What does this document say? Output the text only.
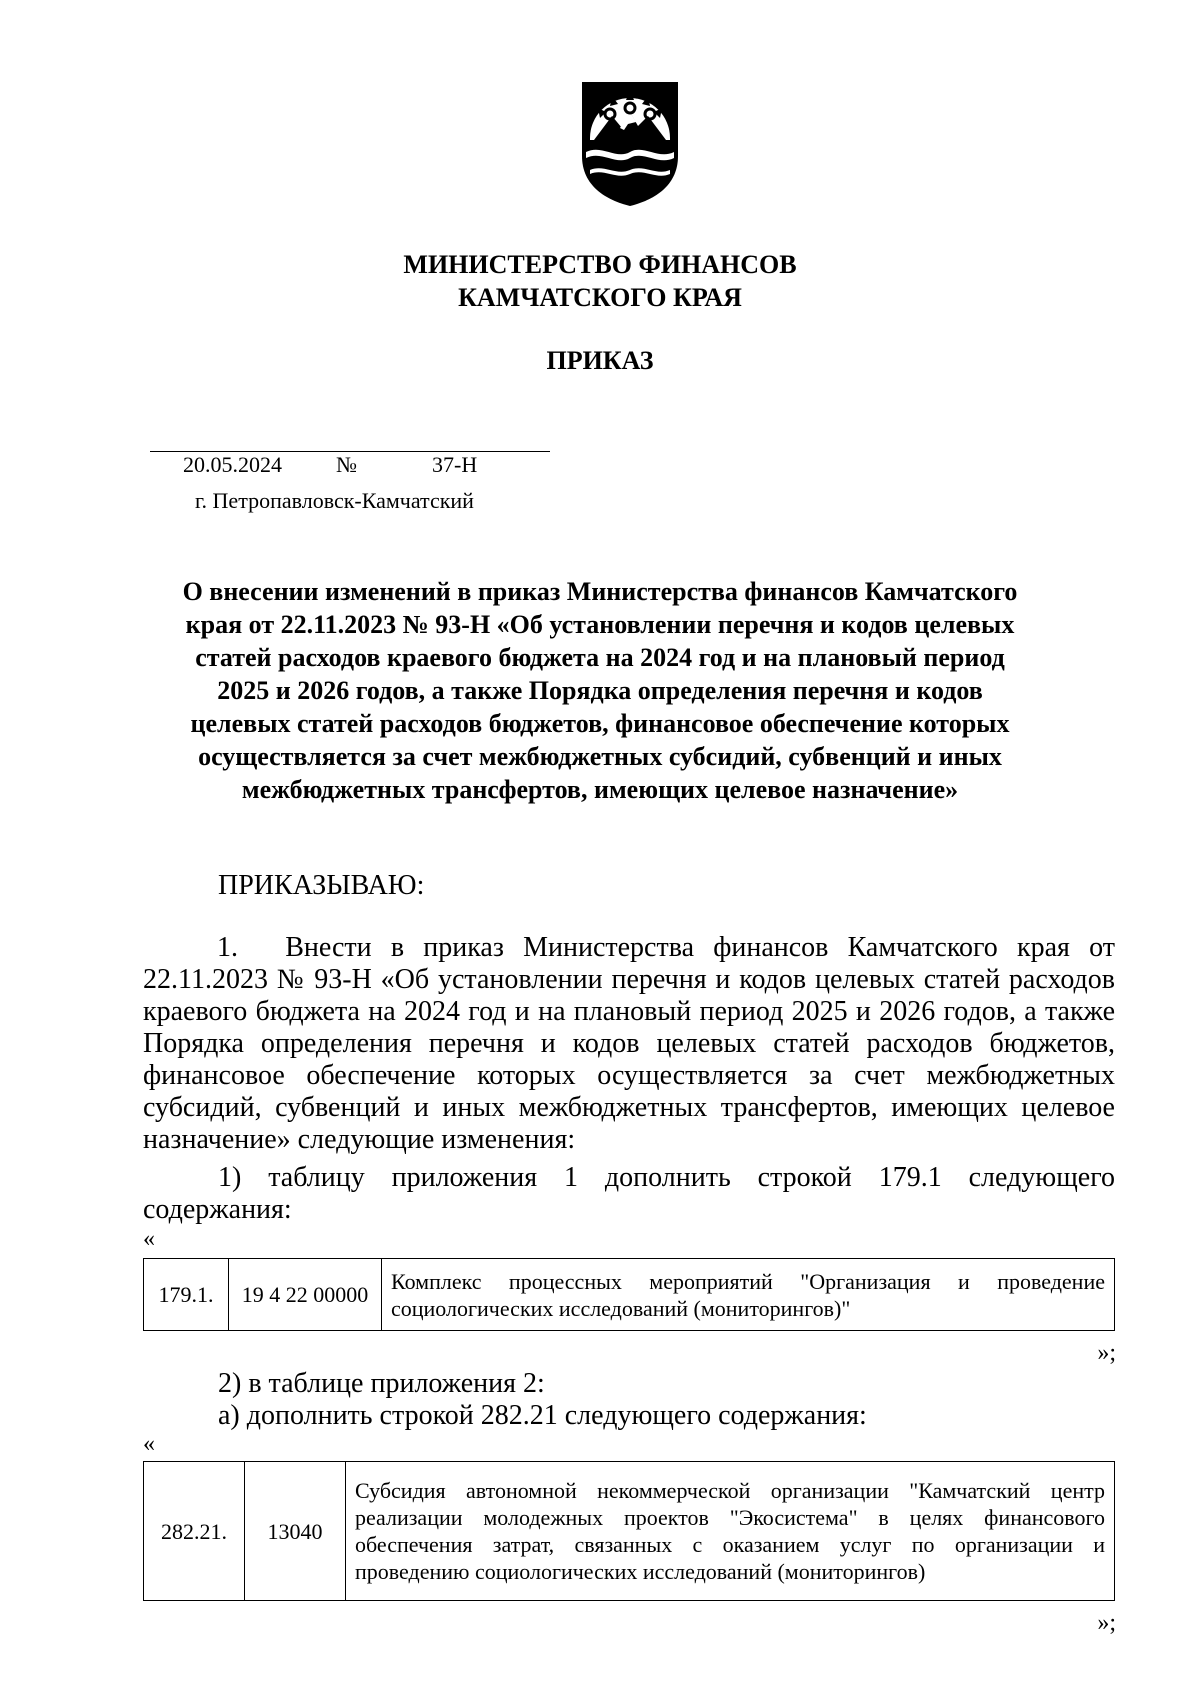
МИНИСТЕРСТВО ФИНАНСОВ
КАМЧАТСКОГО КРАЯ
ПРИКАЗ
20.05.2024 №	37-Н
г. Петропавловск-Камчатский
О внесении изменений в приказ Министерства финансов Камчатского
края от 22.11.2023 № 93-Н «Об установлении перечня и кодов целевых
статей расходов краевого бюджета на 2024 год и на плановый период
2025 и 2026 годов, а также Порядка определения перечня и кодов
целевых статей расходов бюджетов, финансовое обеспечение которых
осуществляется за счет межбюджетных субсидий, субвенций и иных
межбюджетных трансфертов, имеющих целевое назначение»
ПРИКАЗЫВАЮ:

1.  Внести в приказ Министерства финансов Камчатского края от 22.11.2023 № 93-Н «Об установлении перечня и кодов целевых статей расходов краевого бюджета на 2024 год и на плановый период 2025 и 2026 годов, а также Порядка определения перечня и кодов целевых статей расходов бюджетов, финансовое обеспечение которых осуществляется за счет межбюджетных субсидий, субвенций и иных межбюджетных трансфертов, имеющих целевое назначение» следующие изменения:

1) таблицу приложения 1 дополнить строкой 179.1 следующего содержания:

«
179.1.	19 4 22 00000	Комплекс процессных мероприятий "Организация и проведение социологических исследований (мониторингов)"
»;
2) в таблице приложения 2:
а) дополнить строкой 282.21 следующего содержания:
«
282.21.	13040	Субсидия автономной некоммерческой организации "Камчатский центр реализации молодежных проектов "Экосистема" в целях финансового обеспечения затрат, связанных с оказанием услуг по организации и проведению социологических исследований (мониторингов)
»;
